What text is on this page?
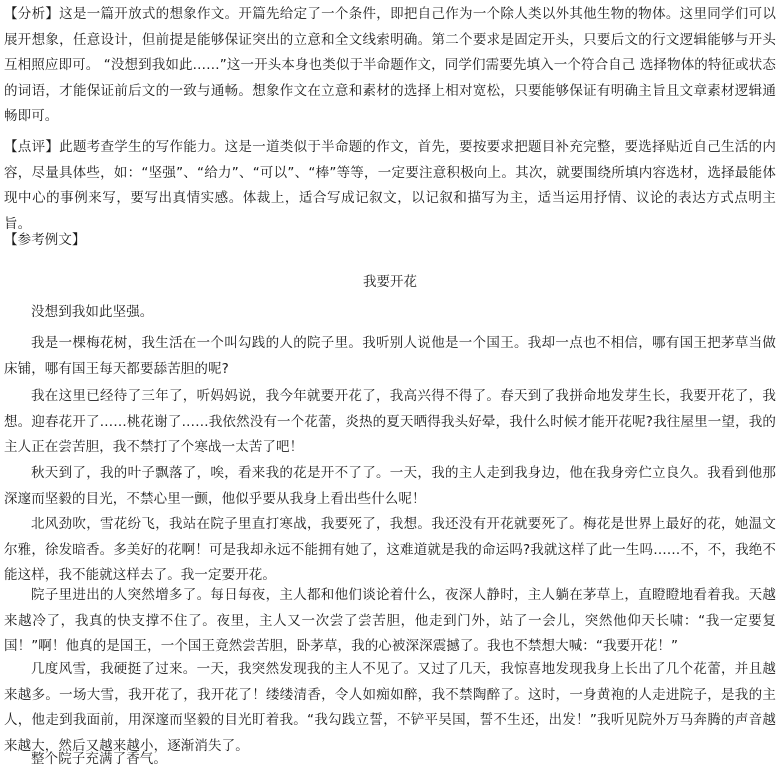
【分析】这是一篇开放式的想象作文。开篇先给定了一个条件，即把自己作为一个除人类以外其他生物的物体。这里同学们可以展开想象，任意设计，但前提是能够保证突出的立意和全文线索明确。第二个要求是固定开头，只要后文的行文逻辑能够与开头互相照应即可。 “没想到我如此……”这一开头本身也类似于半命题作文，同学们需要先填入一个符合自己 选择物体的特征或状态的词语，才能保证前后文的一致与通畅。想象作文在立意和素材的选择上相对宽松，只要能够保证有明确主旨且文章素材逻辑通畅即可。

【点评】此题考查学生的写作能力。这是一道类似于半命题的作文，首先，要按要求把题目补充完整，要选择贴近自己生活的内容，尽量具体些，如：“坚强”、“给力”、“可以”、“棒”等等，一定要注意积极向上。其次，就要围绕所填内容选材，选择最能体现中心的事例来写，要写出真情实感。体裁上，适合写成记叙文，以记叙和描写为主，适当运用抒情、议论的表达方式点明主旨。

【参考例文】

我要开花

没想到我如此坚强。

我是一棵梅花树，我生活在一个叫勾践的人的院子里。我听别人说他是一个国王。我却一点也不相信，哪有国王把茅草当做床铺，哪有国王每天都要舔苦胆的呢?

我在这里已经待了三年了，听妈妈说，我今年就要开花了，我高兴得不得了。春天到了我拼命地发芽生长，我要开花了，我想。迎春花开了……桃花谢了……我依然没有一个花蕾，炎热的夏天晒得我头好晕，我什么时候才能开花呢?我往屋里一望，我的主人正在尝苦胆，我不禁打了个寒战一太苦了吧！

秋天到了，我的叶子飘落了，唉，看来我的花是开不了了。一天，我的主人走到我身边，他在我身旁伫立良久。我看到他那深邃而坚毅的目光，不禁心里一颤，他似乎要从我身上看出些什么呢！

北风劲吹，雪花纷飞，我站在院子里直打寒战，我要死了，我想。我还没有开花就要死了。梅花是世界上最好的花，她温文尔雅，徐发暗香。多美好的花啊！可是我却永远不能拥有她了，这难道就是我的命运吗?我就这样了此一生吗……不，不，我绝不能这样，我不能就这样去了。我一定要开花。

院子里进出的人突然增多了。每日每夜，主人都和他们谈论着什么，夜深人静时，主人躺在茅草上，直瞪瞪地看着我。天越来越冷了，我真的快支撑不住了。夜里，主人又一次尝了尝苦胆，他走到门外，站了一会儿，突然他仰天长啸：“我一定要复国！”啊！他真的是国王，一个国王竟然尝苦胆，卧茅草，我的心被深深震撼了。我也不禁想大喊：“我要开花！”

几度风雪，我硬挺了过来。一天，我突然发现我的主人不见了。又过了几天，我惊喜地发现我身上长出了几个花蕾，并且越来越多。一场大雪，我开花了，我开花了！缕缕清香，令人如痴如醉，我不禁陶醉了。这时，一身黄袍的人走进院子，是我的主人，他走到我面前，用深邃而坚毅的目光盯着我。“我勾践立誓，不铲平吴国，誓不生还，出发！”我听见院外万马奔腾的声音越来越大，然后又越来越小，逐渐消失了。

整个院子充满了香气。
